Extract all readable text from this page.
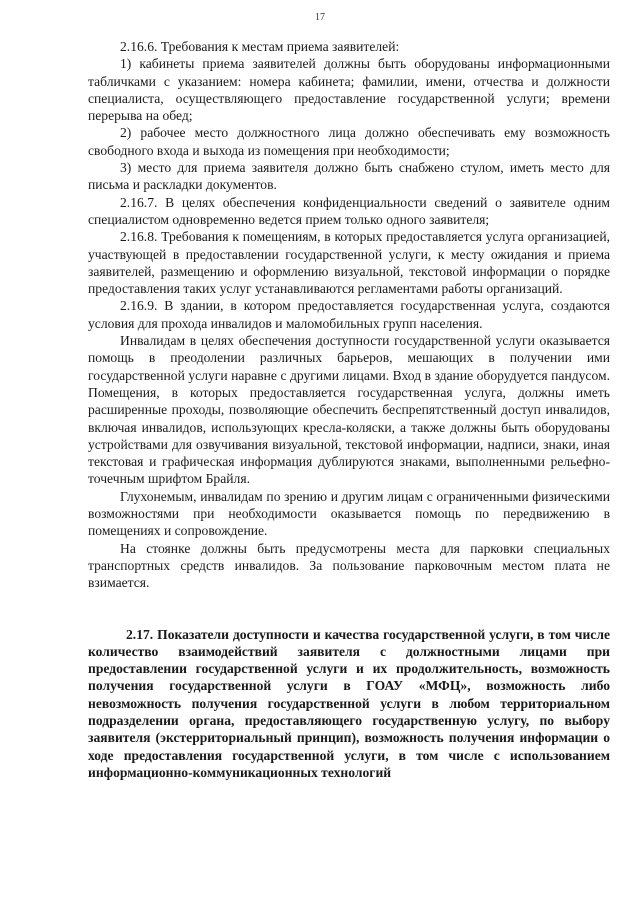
17

2.16.6. Требования к местам приема заявителей:

1) кабинеты приема заявителей должны быть оборудованы информационными табличками с указанием: номера кабинета; фамилии, имени, отчества и должности специалиста, осуществляющего предоставление государственной услуги; времени перерыва на обед;

2) рабочее место должностного лица должно обеспечивать ему возможность свободного входа и выхода из помещения при необходимости;

3) место для приема заявителя должно быть снабжено стулом, иметь место для письма и раскладки документов.

2.16.7. В целях обеспечения конфиденциальности сведений о заявителе одним специалистом одновременно ведется прием только одного заявителя;

2.16.8. Требования к помещениям, в которых предоставляется услуга организацией, участвующей в предоставлении государственной услуги, к месту ожидания и приема заявителей, размещению и оформлению визуальной, текстовой информации о порядке предоставления таких услуг устанавливаются регламентами работы организаций.

2.16.9. В здании, в котором предоставляется государственная услуга, создаются условия для прохода инвалидов и маломобильных групп населения.

Инвалидам в целях обеспечения доступности государственной услуги оказывается помощь в преодолении различных барьеров, мешающих в получении ими государственной услуги наравне с другими лицами. Вход в здание оборудуется пандусом. Помещения, в которых предоставляется государственная услуга, должны иметь расширенные проходы, позволяющие обеспечить беспрепятственный доступ инвалидов, включая инвалидов, использующих кресла-коляски, а также должны быть оборудованы устройствами для озвучивания визуальной, текстовой информации, надписи, знаки, иная текстовая и графическая информация дублируются знаками, выполненными рельефно-точечным шрифтом Брайля.

Глухонемым, инвалидам по зрению и другим лицам с ограниченными физическими возможностями при необходимости оказывается помощь по передвижению в помещениях и сопровождение.

На стоянке должны быть предусмотрены места для парковки специальных транспортных средств инвалидов. За пользование парковочным местом плата не взимается.

2.17. Показатели доступности и качества государственной услуги, в том числе количество взаимодействий заявителя с должностными лицами при предоставлении государственной услуги и их продолжительность, возможность получения государственной услуги в ГОАУ «МФЦ», возможность либо невозможность получения государственной услуги в любом территориальном подразделении органа, предоставляющего государственную услугу, по выбору заявителя (экстерриториальный принцип), возможность получения информации о ходе предоставления государственной услуги, в том числе с использованием информационно-коммуникационных технологий
